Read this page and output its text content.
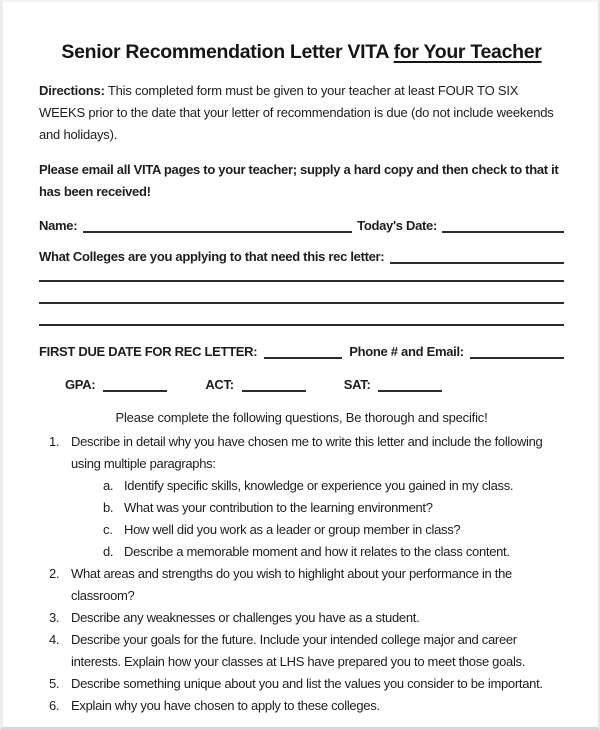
Senior Recommendation Letter VITA for Your Teacher

Directions: This completed form must be given to your teacher at least FOUR TO SIX WEEKS prior to the date that your letter of recommendation is due (do not include weekends and holidays).

Please email all VITA pages to your teacher; supply a hard copy and then check to that it has been received!

Name:	Today's Date:
What Colleges are you applying to that need this rec letter:
FIRST DUE DATE FOR REC LETTER:	Phone # and Email:
GPA:	ACT:	SAT:

Please complete the following questions, Be thorough and specific!

1. Describe in detail why you have chosen me to write this letter and include the following using multiple paragraphs:
a. Identify specific skills, knowledge or experience you gained in my class.
b. What was your contribution to the learning environment?
c. How well did you work as a leader or group member in class?
d. Describe a memorable moment and how it relates to the class content.
2. What areas and strengths do you wish to highlight about your performance in the classroom?
3. Describe any weaknesses or challenges you have as a student.
4. Describe your goals for the future. Include your intended college major and career interests. Explain how your classes at LHS have prepared you to meet those goals.
5. Describe something unique about you and list the values you consider to be important.
6. Explain why you have chosen to apply to these colleges.
